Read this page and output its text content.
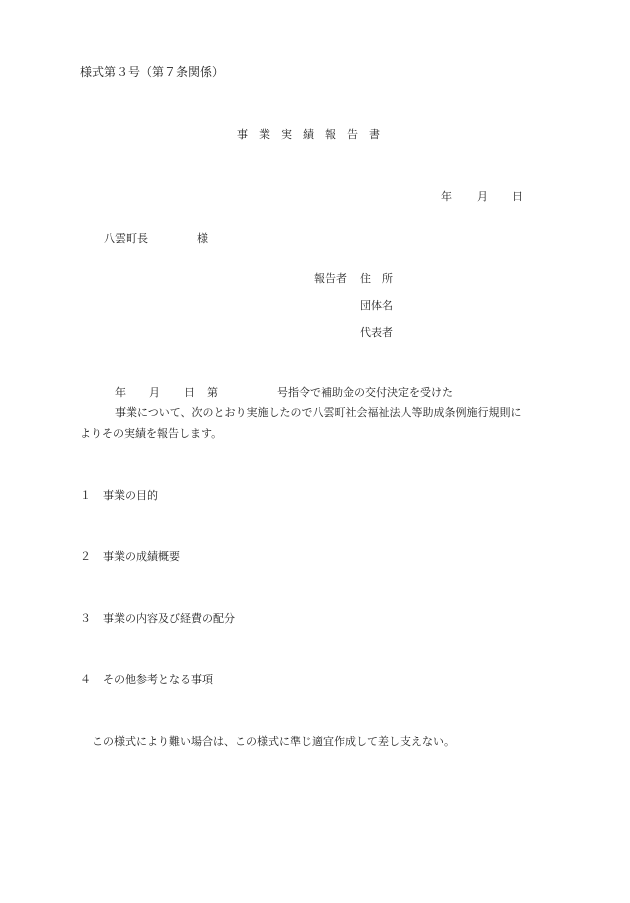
様式第３号（第７条関係）
事業実績報告書
年 月 日
八雲町長	様
報告者 住　所
団体名
代表者
年 月 日 第	号指令で補助金の交付決定を受けた
事業について、次のとおり実施したので八雲町社会福祉法人等助成条例施行規則に
よりその実績を報告します。
１ 事業の目的
２ 事業の成績概要
３ 事業の内容及び経費の配分
４ その他参考となる事項
この様式により難い場合は、この様式に準じ適宜作成して差し支えない。
